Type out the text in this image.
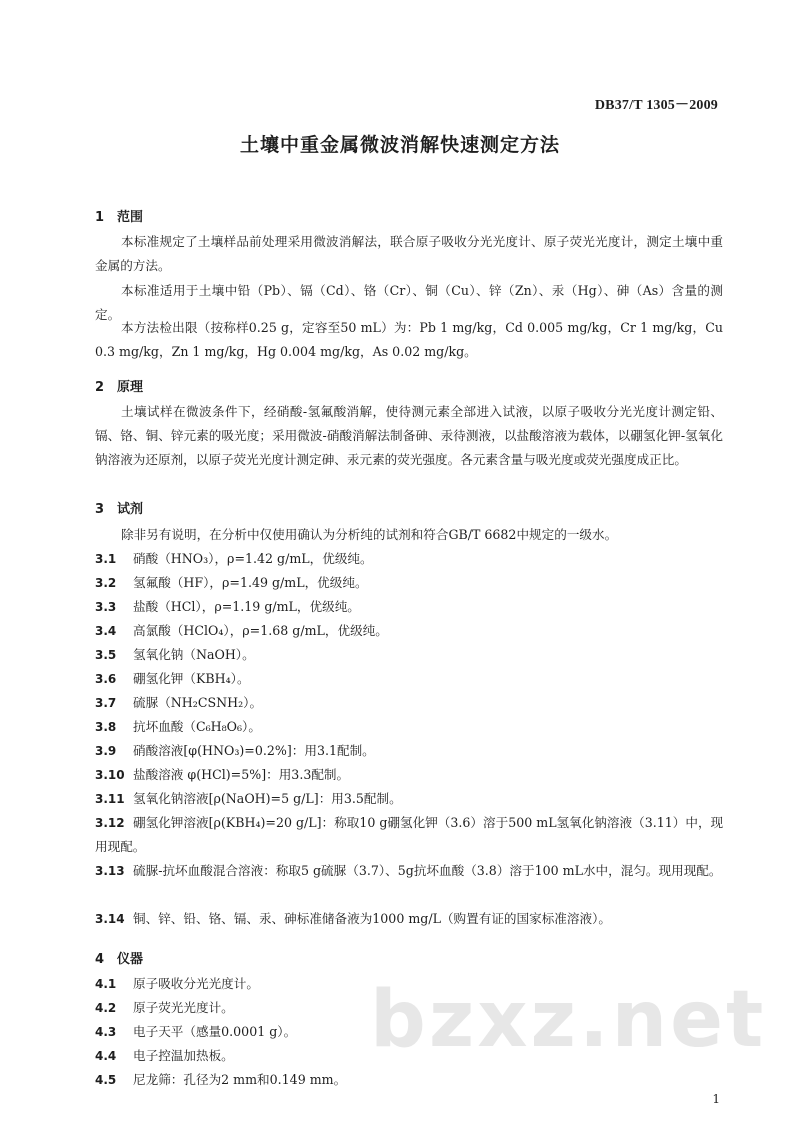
DB37/T 1305－2009
土壤中重金属微波消解快速测定方法
1 范围

本标准规定了土壤样品前处理采用微波消解法，联合原子吸收分光光度计、原子荧光光度计，测定土壤中重金属的方法。

本标准适用于土壤中铅（Pb）、镉（Cd）、铬（Cr）、铜（Cu）、锌（Zn）、汞（Hg）、砷（As）含量的测定。

本方法检出限（按称样0.25 g，定容至50 mL）为：Pb 1 mg/kg，Cd 0.005 mg/kg，Cr 1 mg/kg，Cu 0.3 mg/kg，Zn 1 mg/kg，Hg 0.004 mg/kg，As 0.02 mg/kg。

2 原理

土壤试样在微波条件下，经硝酸-氢氟酸消解，使待测元素全部进入试液，以原子吸收分光光度计测定铅、镉、铬、铜、锌元素的吸光度；采用微波-硝酸消解法制备砷、汞待测液，以盐酸溶液为载体，以硼氢化钾-氢氧化钠溶液为还原剂，以原子荧光光度计测定砷、汞元素的荧光强度。各元素含量与吸光度或荧光强度成正比。

3 试剂

除非另有说明，在分析中仅使用确认为分析纯的试剂和符合GB/T 6682中规定的一级水。

3.1 硝酸（HNO₃），ρ=1.42 g/mL，优级纯。
3.2 氢氟酸（HF），ρ=1.49 g/mL，优级纯。
3.3 盐酸（HCl），ρ=1.19 g/mL，优级纯。
3.4 高氯酸（HClO₄），ρ=1.68 g/mL，优级纯。
3.5 氢氧化钠（NaOH）。
3.6 硼氢化钾（KBH₄）。
3.7 硫脲（NH₂CSNH₂）。
3.8 抗坏血酸（C₆H₈O₆）。
3.9 硝酸溶液[φ(HNO₃)=0.2%]：用3.1配制。
3.10 盐酸溶液 φ(HCl)=5%]：用3.3配制。
3.11 氢氧化钠溶液[ρ(NaOH)=5 g/L]：用3.5配制。
3.12 硼氢化钾溶液[ρ(KBH₄)=20 g/L]：称取10 g硼氢化钾（3.6）溶于500 mL氢氧化钠溶液（3.11）中，现用现配。
3.13 硫脲-抗坏血酸混合溶液：称取5 g硫脲（3.7）、5g抗坏血酸（3.8）溶于100 mL水中，混匀。现用现配。
3.14 铜、锌、铅、铬、镉、汞、砷标准储备液为1000 mg/L（购置有证的国家标准溶液）。
4 仪器
4.1 原子吸收分光光度计。
4.2 原子荧光光度计。
4.3 电子天平（感量0.0001 g）。
4.4 电子控温加热板。
4.5 尼龙筛：孔径为2 mm和0.149 mm。
bzxz.net
1
